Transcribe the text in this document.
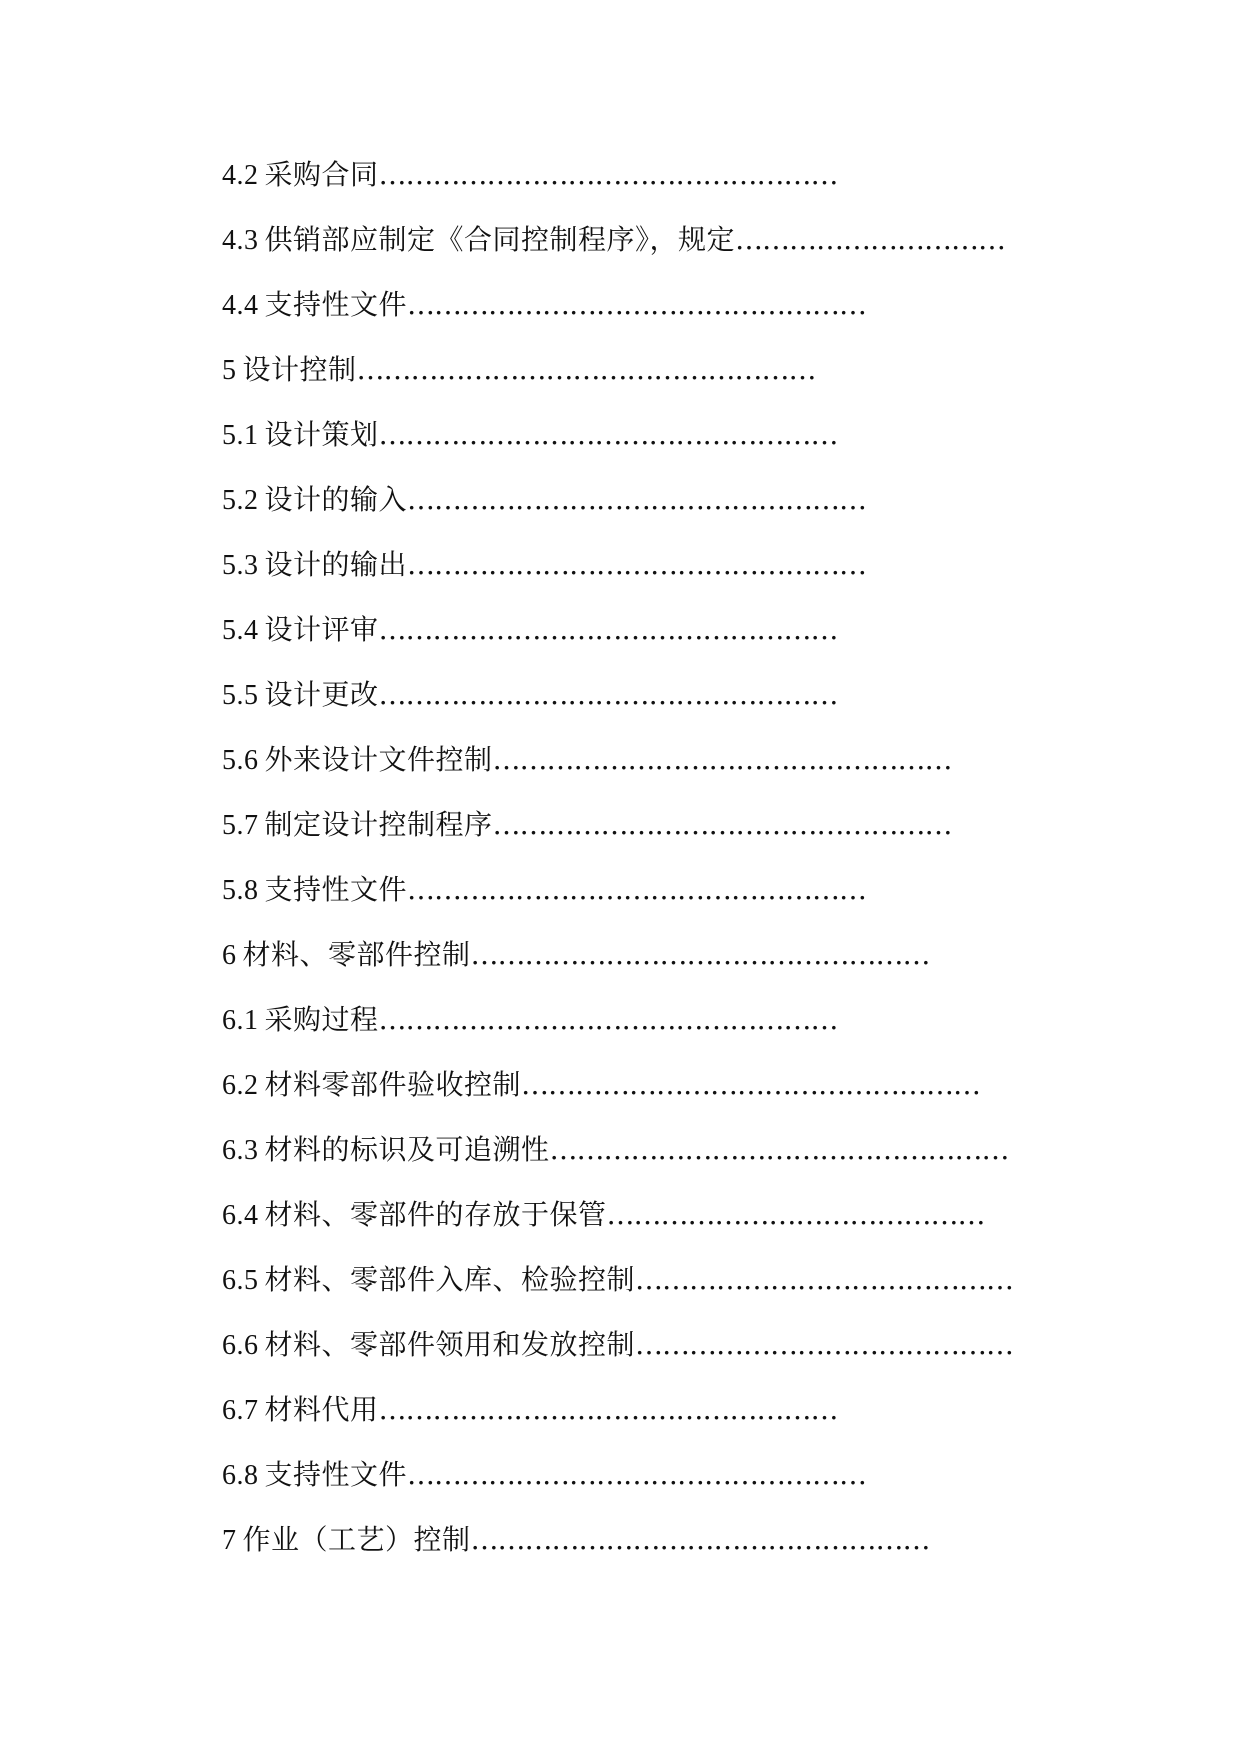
4.2 采购合同……………………………………………
4.3 供销部应制定《合同控制程序》，规定…………………………
4.4 支持性文件……………………………………………
5 设计控制……………………………………………
5.1 设计策划……………………………………………
5.2 设计的输入……………………………………………
5.3 设计的输出……………………………………………
5.4 设计评审……………………………………………
5.5 设计更改……………………………………………
5.6 外来设计文件控制……………………………………………
5.7 制定设计控制程序……………………………………………
5.8 支持性文件……………………………………………
6 材料、零部件控制……………………………………………
6.1 采购过程……………………………………………
6.2 材料零部件验收控制……………………………………………
6.3 材料的标识及可追溯性……………………………………………
6.4 材料、零部件的存放于保管……………………………………
6.5 材料、零部件入库、检验控制……………………………………
6.6 材料、零部件领用和发放控制……………………………………
6.7 材料代用……………………………………………
6.8 支持性文件……………………………………………
7 作业（工艺）控制……………………………………………
